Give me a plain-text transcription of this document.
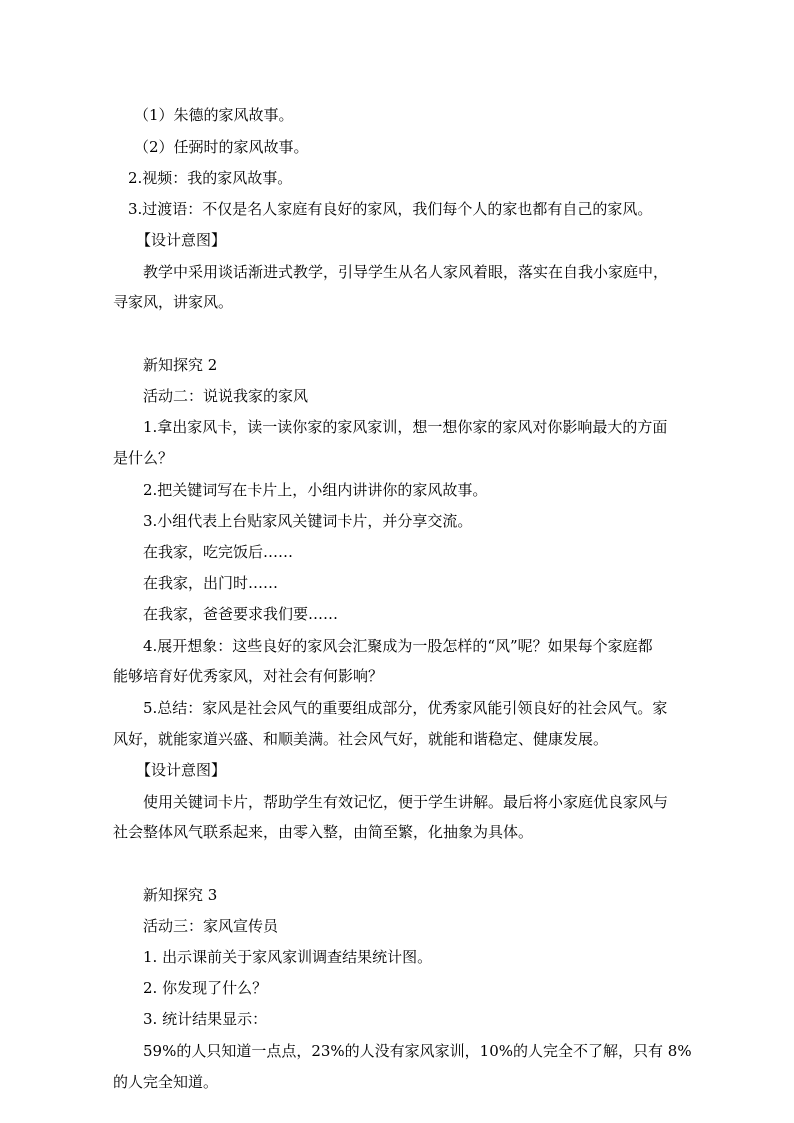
（1）朱德的家风故事。
（2）任弼时的家风故事。
2.视频：我的家风故事。
3.过渡语：不仅是名人家庭有良好的家风，我们每个人的家也都有自己的家风。
【设计意图】
教学中采用谈话渐进式教学，引导学生从名人家风着眼，落实在自我小家庭中，
寻家风，讲家风。
新知探究 2
活动二：说说我家的家风
1.拿出家风卡，读一读你家的家风家训，想一想你家的家风对你影响最大的方面
是什么？
2.把关键词写在卡片上，小组内讲讲你的家风故事。
3.小组代表上台贴家风关键词卡片，并分享交流。
在我家，吃完饭后……
在我家，出门时……
在我家，爸爸要求我们要……
4.展开想象：这些良好的家风会汇聚成为一股怎样的“风”呢？如果每个家庭都
能够培育好优秀家风，对社会有何影响？
5.总结：家风是社会风气的重要组成部分，优秀家风能引领良好的社会风气。家
风好，就能家道兴盛、和顺美满。社会风气好，就能和谐稳定、健康发展。
【设计意图】
使用关键词卡片，帮助学生有效记忆，便于学生讲解。最后将小家庭优良家风与
社会整体风气联系起来，由零入整，由简至繁，化抽象为具体。
新知探究 3
活动三：家风宣传员
1. 出示课前关于家风家训调查结果统计图。
2. 你发现了什么？
3. 统计结果显示：
59%的人只知道一点点，23%的人没有家风家训，10%的人完全不了解，只有 8%
的人完全知道。
